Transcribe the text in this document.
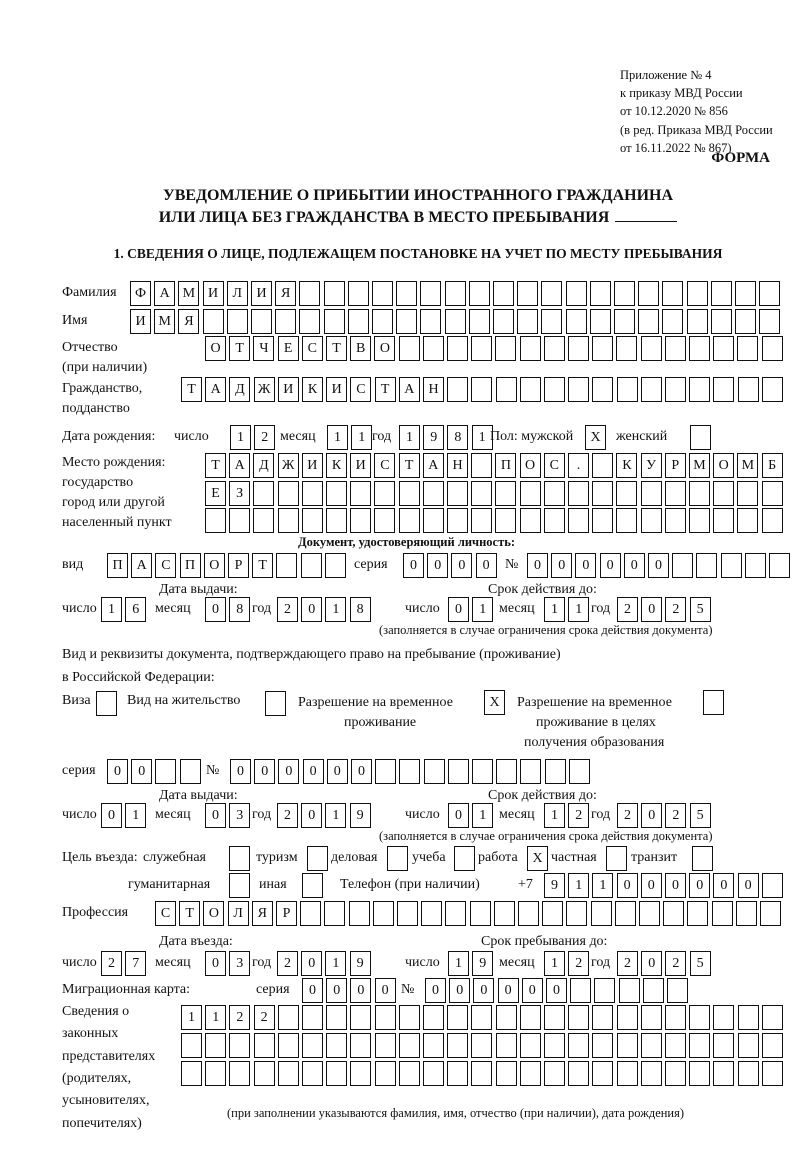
Приложение № 4
к приказу МВД России
от 10.12.2020 № 856
(в ред. Приказа МВД России
от 16.11.2022 № 867)
ФОРМА
УВЕДОМЛЕНИЕ О ПРИБЫТИИ ИНОСТРАННОГО ГРАЖДАНИНА
ИЛИ ЛИЦА БЕЗ ГРАЖДАНСТВА В МЕСТО ПРЕБЫВАНИЯ
1. СВЕДЕНИЯ О ЛИЦЕ, ПОДЛЕЖАЩЕМ ПОСТАНОВКЕ НА УЧЕТ ПО МЕСТУ ПРЕБЫВАНИЯ
Фамилия	Ф А М И	Л	И	Я
Имя	И М Я
Отчество
(при наличии)
О	Т	Ч	Е	С	Т	В	О
Гражданство,
подданство
Т	А	Д Ж И	К	И	С	Т	А	Н
Дата рождения: число	1	2 месяц	1	1 год	1	9	8	1 Пол: мужской	X	женский
Место рождения:
государство
город или другой
населенный пункт
Т	А	Д Ж И	К	И	С	Т	А	Н	П	О	С	.	К	У	Р	М О М Б
Е	З
Документ, удостоверяющий личность:
вид	П	А	С	П	О	Р	Т	серия	0	0	0	0	№	0	0	0	0	0	0
Дата выдачи:	Срок действия до:
число 1	6	месяц	0	8 год 2	0	1	8	число	0	1 месяц	1	1 год 2	0	2	5
(заполняется в случае ограничения срока действия документа)
Вид и реквизиты документа, подтверждающего право на пребывание (проживание)
в Российской Федерации:
Виза	Вид на жительство	Разрешение на временное
проживание
X	Разрешение на временное
проживание в целях
получения образования
серия	0	0	№	0	0	0	0	0	0
Дата выдачи:	Срок действия до:
число 0	1	месяц	0	3 год 2	0	1	9	число	0	1 месяц	1	2 год 2	0	2	5
(заполняется в случае ограничения срока действия документа)
Цель въезда: служебная	туризм деловая учеба работа	X частная транзит
гуманитарная	иная	Телефон (при наличии)	+7	9	1	1	0	0	0	0	0	0
Профессия	С	Т	О	Л	Я	Р
Дата въезда:	Срок пребывания до:
число 2	7	месяц	0	3 год 2	0	1	9	число	1	9 месяц	1	2 год 2	0	2	5
Миграционная карта:	серия	0	0	0	0 №	0	0	0	0	0	0
Сведения о
законных
представителях
(родителях,
усыновителях,
попечителях)
1	1	2	2
(при заполнении указываются фамилия, имя, отчество (при наличии), дата рождения)
